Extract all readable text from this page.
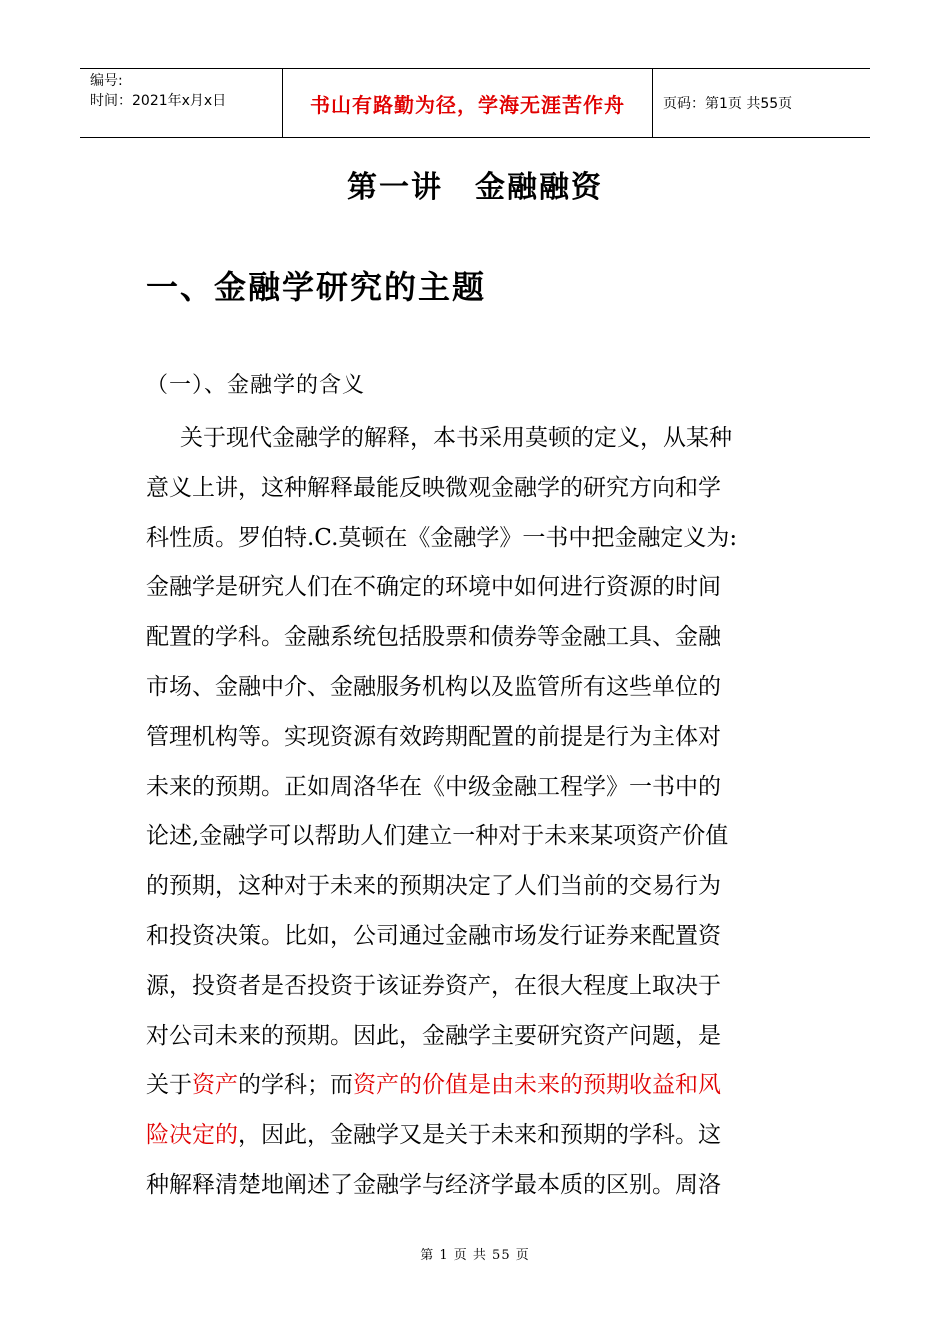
编号:
时间：2021年x月x日	书山有路勤为径，学海无涯苦作舟	页码：第1页 共55页
第一讲　金融融资
一、金融学研究的主题
（一）、金融学的含义
关于现代金融学的解释，本书采用莫顿的定义，从某种
意义上讲，这种解释最能反映微观金融学的研究方向和学
科性质。罗伯特.C.莫顿在《金融学》一书中把金融定义为:
金融学是研究人们在不确定的环境中如何进行资源的时间
配置的学科。金融系统包括股票和债券等金融工具、金融
市场、金融中介、金融服务机构以及监管所有这些单位的
管理机构等。实现资源有效跨期配置的前提是行为主体对
未来的预期。正如周洛华在《中级金融工程学》一书中的
论述,金融学可以帮助人们建立一种对于未来某项资产价值
的预期，这种对于未来的预期决定了人们当前的交易行为
和投资决策。比如，公司通过金融市场发行证券来配置资
源，投资者是否投资于该证券资产，在很大程度上取决于
对公司未来的预期。因此，金融学主要研究资产问题，是
关于资产的学科；而资产的价值是由未来的预期收益和风
险决定的，因此，金融学又是关于未来和预期的学科。这
种解释清楚地阐述了金融学与经济学最本质的区别。周洛
第 1 页 共 55 页
